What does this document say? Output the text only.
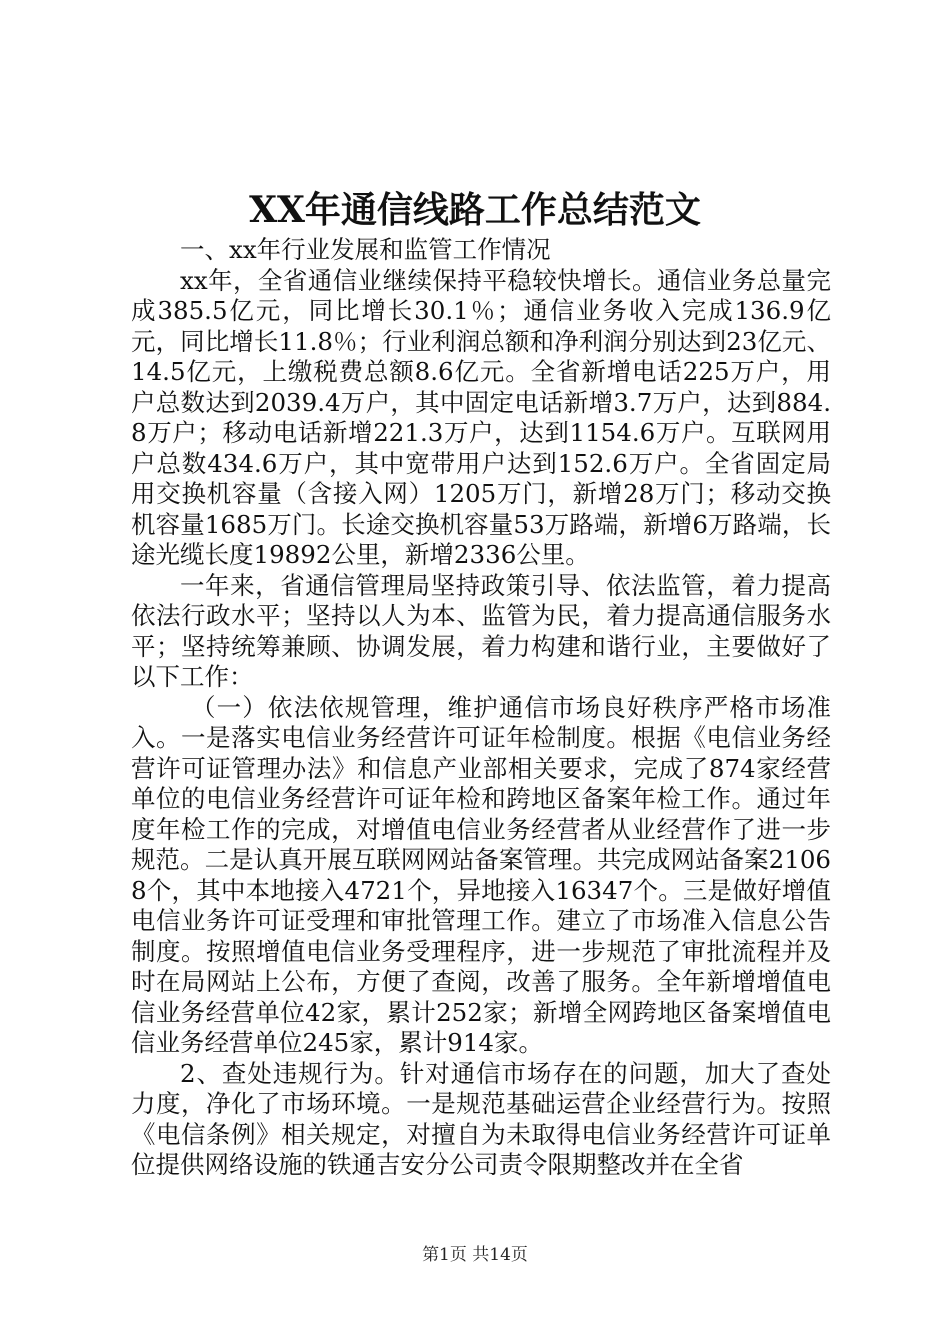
XX年通信线路工作总结范文

一、xx年行业发展和监管工作情况

xx年，全省通信业继续保持平稳较快增长。通信业务总量完成385.5亿元，同比增长30.1％；通信业务收入完成136.9亿元，同比增长11.8％；行业利润总额和净利润分别达到23亿元、14.5亿元，上缴税费总额8.6亿元。全省新增电话225万户，用户总数达到2039.4万户，其中固定电话新增3.7万户，达到884.8万户；移动电话新增221.3万户，达到1154.6万户。互联网用户总数434.6万户，其中宽带用户达到152.6万户。全省固定局用交换机容量（含接入网）1205万门，新增28万门；移动交换机容量1685万门。长途交换机容量53万路端，新增6万路端，长途光缆长度19892公里，新增2336公里。

一年来，省通信管理局坚持政策引导、依法监管，着力提高依法行政水平；坚持以人为本、监管为民，着力提高通信服务水平；坚持统筹兼顾、协调发展，着力构建和谐行业，主要做好了以下工作：

（一）依法依规管理，维护通信市场良好秩序严格市场准入。一是落实电信业务经营许可证年检制度。根据《电信业务经营许可证管理办法》和信息产业部相关要求，完成了874家经营单位的电信业务经营许可证年检和跨地区备案年检工作。通过年度年检工作的完成，对增值电信业务经营者从业经营作了进一步规范。二是认真开展互联网网站备案管理。共完成网站备案21068个，其中本地接入4721个，异地接入16347个。三是做好增值电信业务许可证受理和审批管理工作。建立了市场准入信息公告制度。按照增值电信业务受理程序，进一步规范了审批流程并及时在局网站上公布，方便了查阅，改善了服务。全年新增增值电信业务经营单位42家，累计252家；新增全网跨地区备案增值电信业务经营单位245家，累计914家。

2、查处违规行为。针对通信市场存在的问题，加大了查处力度，净化了市场环境。一是规范基础运营企业经营行为。按照《电信条例》相关规定，对擅自为未取得电信业务经营许可证单位提供网络设施的铁通吉安分公司责令限期整改并在全省

第1页 共14页
